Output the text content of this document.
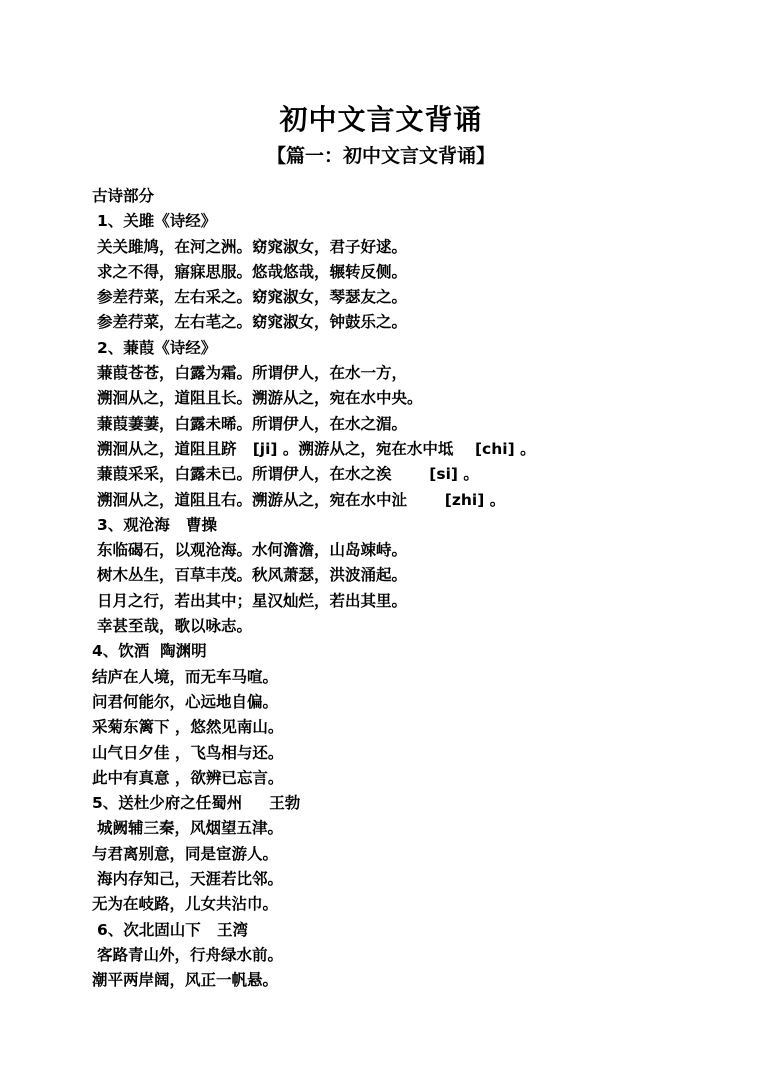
初中文言文背诵
【篇一：初中文言文背诵】
古诗部分
1、关雎《诗经》
关关雎鸠，在河之洲。窈窕淑女，君子好逑。
求之不得，寤寐思服。悠哉悠哉，辗转反侧。
参差荇菜，左右采之。窈窕淑女，琴瑟友之。
参差荇菜，左右芼之。窈窕淑女，钟鼓乐之。
2、蒹葭《诗经》
蒹葭苍苍，白露为霜。所谓伊人，在水一方，
溯洄从之，道阻且长。溯游从之，宛在水中央。
蒹葭萋萋，白露未晞。所谓伊人，在水之湄。
溯洄从之，道阻且跻   [ji] 。溯游从之，宛在水中坻    [chi] 。
蒹葭采采，白露未已。所谓伊人，在水之涘       [si] 。
溯洄从之，道阻且右。溯游从之，宛在水中沚       [zhi] 。
3、观沧海   曹操
东临碣石，以观沧海。水何澹澹，山岛竦峙。
树木丛生，百草丰茂。秋风萧瑟，洪波涌起。
日月之行，若出其中；星汉灿烂，若出其里。
幸甚至哉，歌以咏志。
4、饮酒  陶渊明
结庐在人境，而无车马喧。
问君何能尔，心远地自偏。
采菊东篱下 ，悠然见南山。
山气日夕佳 ，飞鸟相与还。
此中有真意 ，欲辨已忘言。
5、送杜少府之任蜀州     王勃
城阙辅三秦，风烟望五津。
与君离别意，同是宦游人。
海内存知己，天涯若比邻。
无为在岐路，儿女共沾巾。
6、次北固山下   王湾
客路青山外，行舟绿水前。
潮平两岸阔，风正一帆悬。
